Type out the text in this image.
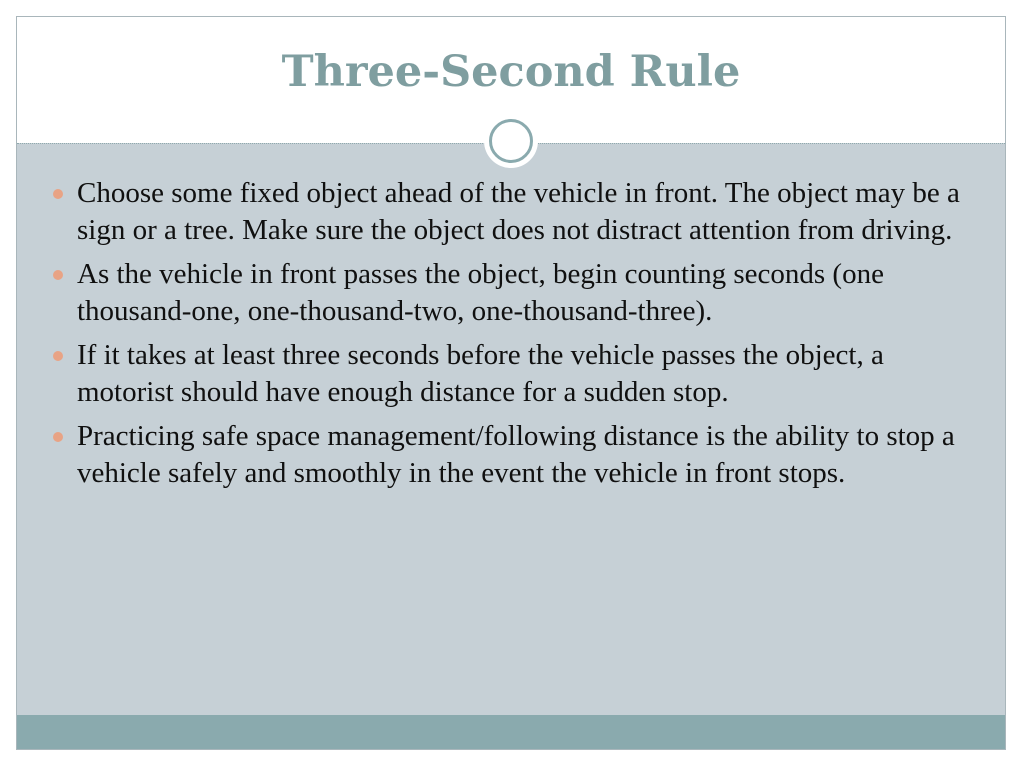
Three-Second Rule
Choose some fixed object ahead of the vehicle in front. The object may be a sign or a tree. Make sure the object does not distract attention from driving.
As the vehicle in front passes the object, begin counting seconds (one thousand-one, one-thousand-two, one-thousand-three).
If it takes at least three seconds before the vehicle passes the object, a motorist should have enough distance for a sudden stop.
Practicing safe space management/following distance is the ability to stop a vehicle safely and smoothly in the event the vehicle in front stops.
